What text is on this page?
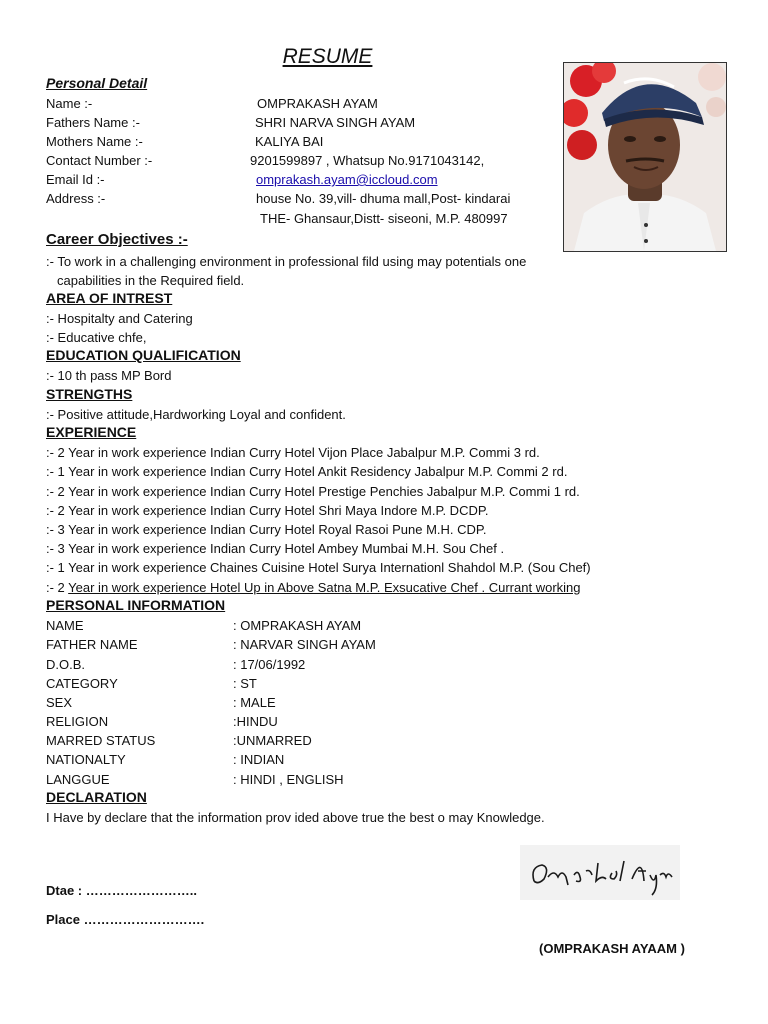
RESUME
Personal Detail
Name :-	OMPRAKASH AYAM
Fathers Name :-	SHRI NARVA SINGH AYAM
Mothers Name :-	KALIYA BAI
Contact Number :-	9201599897 , Whatsup No.9171043142,
Email Id :-	omprakash.ayam@iccloud.com
Address :-	house No. 39,vill- dhuma mall,Post- kindarai
THE- Ghansaur,Distt- siseoni, M.P. 480997
Career Objectives :-
:- To work in a challenging environment in professional fild using may potentials one
capabilities in the Required field.
AREA OF INTREST
:- Hospitalty and Catering
:- Educative chfe,
EDUCATION QUALIFICATION
:- 10 th pass MP Bord
STRENGTHS
:- Positive attitude,Hardworking Loyal and confident.
EXPERIENCE
:- 2 Year in work experience Indian Curry Hotel Vijon Place Jabalpur M.P. Commi 3 rd.
:- 1 Year in work experience Indian Curry Hotel Ankit Residency Jabalpur M.P. Commi 2 rd.
:- 2 Year in work experience Indian Curry Hotel Prestige Penchies Jabalpur M.P. Commi 1 rd.
:- 2 Year in work experience Indian Curry Hotel Shri Maya Indore M.P. DCDP.
:- 3 Year in work experience Indian Curry Hotel Royal Rasoi Pune M.H. CDP.
:- 3 Year in work experience Indian Curry Hotel Ambey Mumbai M.H. Sou Chef .
:- 1 Year in work experience Chaines Cuisine Hotel Surya Internationl Shahdol M.P. (Sou Chef)
:- 2 Year in work experience Hotel Up in Above Satna M.P. Exsucative Chef . Currant working
PERSONAL INFORMATION
NAME	: OMPRAKASH AYAM
FATHER NAME	: NARVAR SINGH AYAM
D.O.B.	: 17/06/1992
CATEGORY	: ST
SEX	: MALE
RELIGION	:HINDU
MARRED STATUS	:UNMARRED
NATIONALTY	: INDIAN
LANGGUE	: HINDI , ENGLISH
DECLARATION
I Have by declare that the information prov ided above true the best o may Knowledge.
Dtae : ……………………..
Place ……………………….
(OMPRAKASH AYAAM )
